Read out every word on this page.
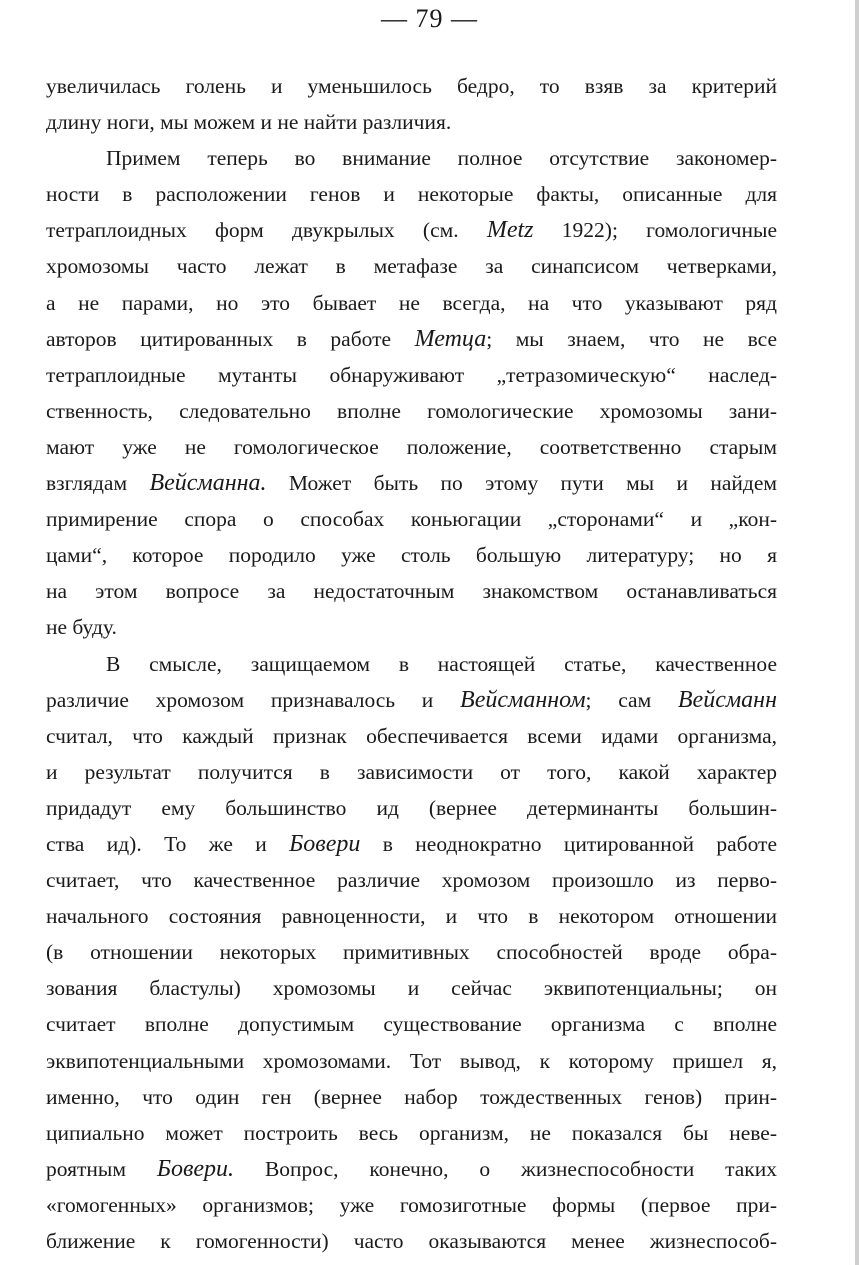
— 79 —
увеличилась голень и уменьшилось бедро, то взяв за критерий
длину ноги, мы можем и не найти различия.
Примем теперь во внимание полное отсутствие закономер-
ности в расположении генов и некоторые факты, описанные для
тетраплоидных форм двукрылых (см. Metz 1922); гомологичные
хромозомы часто лежат в метафазе за синапсисом четверками,
а не парами, но это бывает не всегда, на что указывают ряд
авторов цитированных в работе Метца; мы знаем, что не все
тетраплоидные мутанты обнаруживают „тетразомическую“ наслед-
ственность, следовательно вполне гомологические хромозомы зани-
мают уже не гомологическое положение, соответственно старым
взглядам Вейсманна. Может быть по этому пути мы и найдем
примирение спора о способах коньюгации „сторонами“ и „кон-
цами“, которое породило уже столь большую литературу; но я
на этом вопросе за недостаточным знакомством останавливаться
не буду.
В смысле, защищаемом в настоящей статье, качественное
различие хромозом признавалось и Вейсманном; сам Вейсманн
считал, что каждый признак обеспечивается всеми идами организма,
и результат получится в зависимости от того, какой характер
придадут ему большинство ид (вернее детерминанты большин-
ства ид). То же и Бовери в неоднократно цитированной работе
считает, что качественное различие хромозом произошло из перво-
начального состояния равноценности, и что в некотором отношении
(в отношении некоторых примитивных способностей вроде обра-
зования бластулы) хромозомы и сейчас эквипотенциальны; он
считает вполне допустимым существование организма с вполне
эквипотенциальными хромозомами. Тот вывод, к которому пришел я,
именно, что один ген (вернее набор тождественных генов) прин-
ципиально может построить весь организм, не показался бы неве-
роятным Бовери. Вопрос, конечно, о жизнеспособности таких
«гомогенных» организмов; уже гомозиготные формы (первое при-
ближение к гомогенности) часто оказываются менее жизнеспособ-
